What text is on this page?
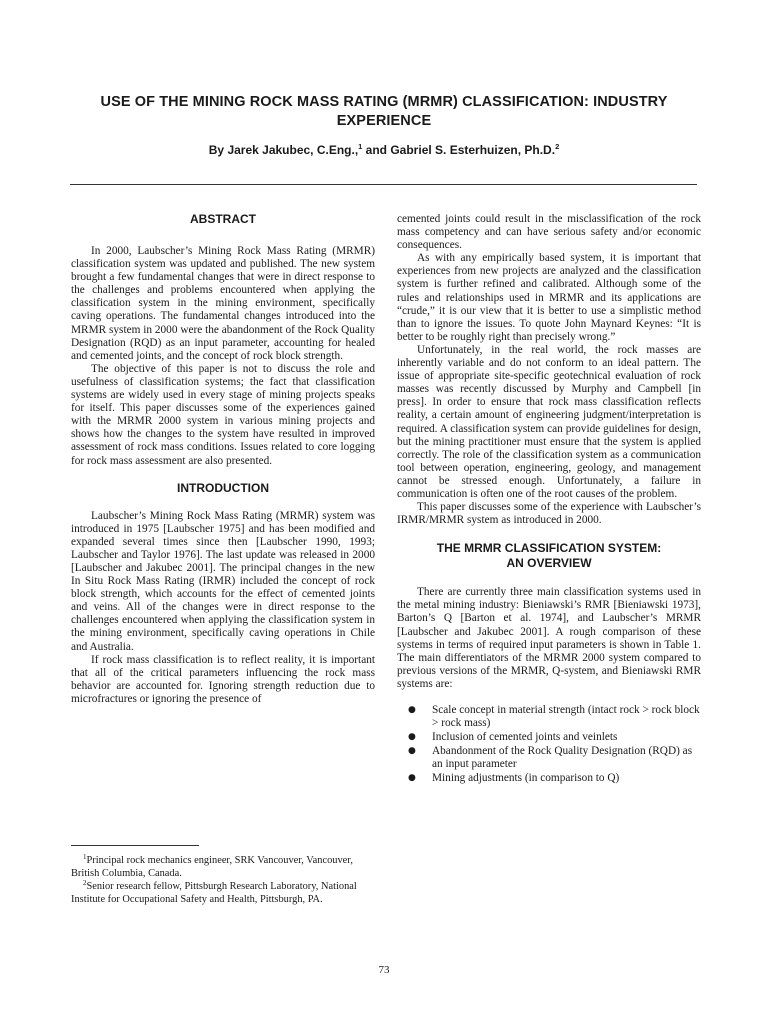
USE OF THE MINING ROCK MASS RATING (MRMR) CLASSIFICATION: INDUSTRY EXPERIENCE
By Jarek Jakubec, C.Eng.,$^1$ and Gabriel S. Esterhuizen, Ph.D.$^2$
ABSTRACT

In 2000, Laubscher’s Mining Rock Mass Rating (MRMR) classification system was updated and published. The new system brought a few fundamental changes that were in direct response to the challenges and problems encountered when applying the classification system in the mining environment, specifically caving operations. The fundamental changes introduced into the MRMR system in 2000 were the abandonment of the Rock Quality Designation (RQD) as an input parameter, accounting for healed and cemented joints, and the concept of rock block strength.

The objective of this paper is not to discuss the role and usefulness of classification systems; the fact that classification systems are widely used in every stage of mining projects speaks for itself. This paper discusses some of the experiences gained with the MRMR 2000 system in various mining projects and shows how the changes to the system have resulted in improved assessment of rock mass conditions. Issues related to core logging for rock mass assessment are also presented.

INTRODUCTION

Laubscher’s Mining Rock Mass Rating (MRMR) system was introduced in 1975 [Laubscher 1975] and has been modified and expanded several times since then [Laubscher 1990, 1993; Laubscher and Taylor 1976]. The last update was released in 2000 [Laubscher and Jakubec 2001]. The principal changes in the new In Situ Rock Mass Rating (IRMR) included the concept of rock block strength, which accounts for the effect of cemented joints and veins. All of the changes were in direct response to the challenges encountered when applying the classification system in the mining environment, specifically caving operations in Chile and Australia.

If rock mass classification is to reflect reality, it is important that all of the critical parameters influencing the rock mass behavior are accounted for. Ignoring strength reduction due to microfractures or ignoring the presence of

cemented joints could result in the misclassification of the rock mass competency and can have serious safety and/or economic consequences.

As with any empirically based system, it is important that experiences from new projects are analyzed and the classification system is further refined and calibrated. Although some of the rules and relationships used in MRMR and its applications are “crude,” it is our view that it is better to use a simplistic method than to ignore the issues. To quote John Maynard Keynes: “It is better to be roughly right than precisely wrong.”

Unfortunately, in the real world, the rock masses are inherently variable and do not conform to an ideal pattern. The issue of appropriate site-specific geotechnical evaluation of rock masses was recently discussed by Murphy and Campbell [in press]. In order to ensure that rock mass classification reflects reality, a certain amount of engineering judgment/interpretation is required. A classification system can provide guidelines for design, but the mining practitioner must ensure that the system is applied correctly. The role of the classification system as a communication tool between operation, engineering, geology, and management cannot be stressed enough. Unfortunately, a failure in communication is often one of the root causes of the problem.

This paper discusses some of the experience with Laubscher’s IRMR/MRMR system as introduced in 2000.

THE MRMR CLASSIFICATION SYSTEM:
AN OVERVIEW

There are currently three main classification systems used in the metal mining industry: Bieniawski’s RMR [Bieniawski 1973], Barton’s Q [Barton et al. 1974], and Laubscher’s MRMR [Laubscher and Jakubec 2001]. A rough comparison of these systems in terms of required input parameters is shown in Table 1. The main differentiators of the MRMR 2000 system compared to previous versions of the MRMR, Q-system, and Bieniawski RMR systems are:

● Scale concept in material strength (intact rock > rock block > rock mass)
● Inclusion of cemented joints and veinlets
● Abandonment of the Rock Quality Designation (RQD) as an input parameter
● Mining adjustments (in comparison to Q)

$^1$Principal rock mechanics engineer, SRK Vancouver, Vancouver, British Columbia, Canada.

$^2$Senior research fellow, Pittsburgh Research Laboratory, National Institute for Occupational Safety and Health, Pittsburgh, PA.

73
